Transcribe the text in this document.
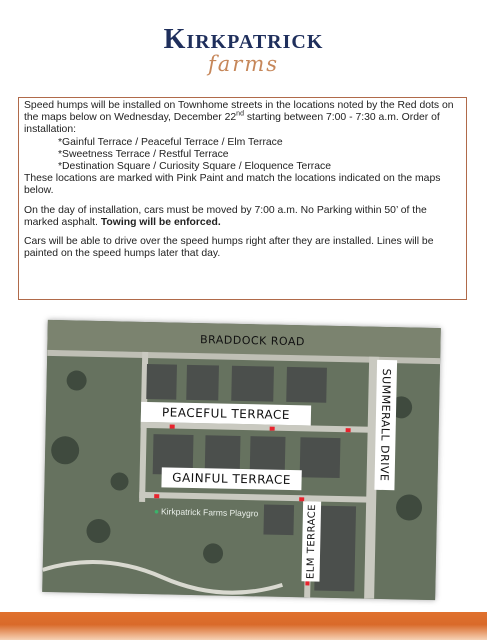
Kirkpatrick
farms

Speed humps will be installed on Townhome streets in the locations noted by the Red dots on the maps below on Wednesday, December 22nd starting between 7:00 - 7:30 a.m. Order of installation:

*Gainful Terrace / Peaceful Terrace / Elm Terrace

*Sweetness Terrace / Restful Terrace

*Destination Square / Curiosity Square / Eloquence Terrace

These locations are marked with Pink Paint and match the locations indicated on the maps below.

On the day of installation, cars must be moved by 7:00 a.m. No Parking within 50’ of the marked asphalt. Towing will be enforced.

Cars will be able to drive over the speed humps right after they are installed. Lines will be painted on the speed humps later that day.

BRADDOCK ROAD
PEACEFUL TERRACE
GAINFUL TERRACE	SUMMERALL DRIVE
ELM TERRACE
● Kirkpatrick Farms Playgro
